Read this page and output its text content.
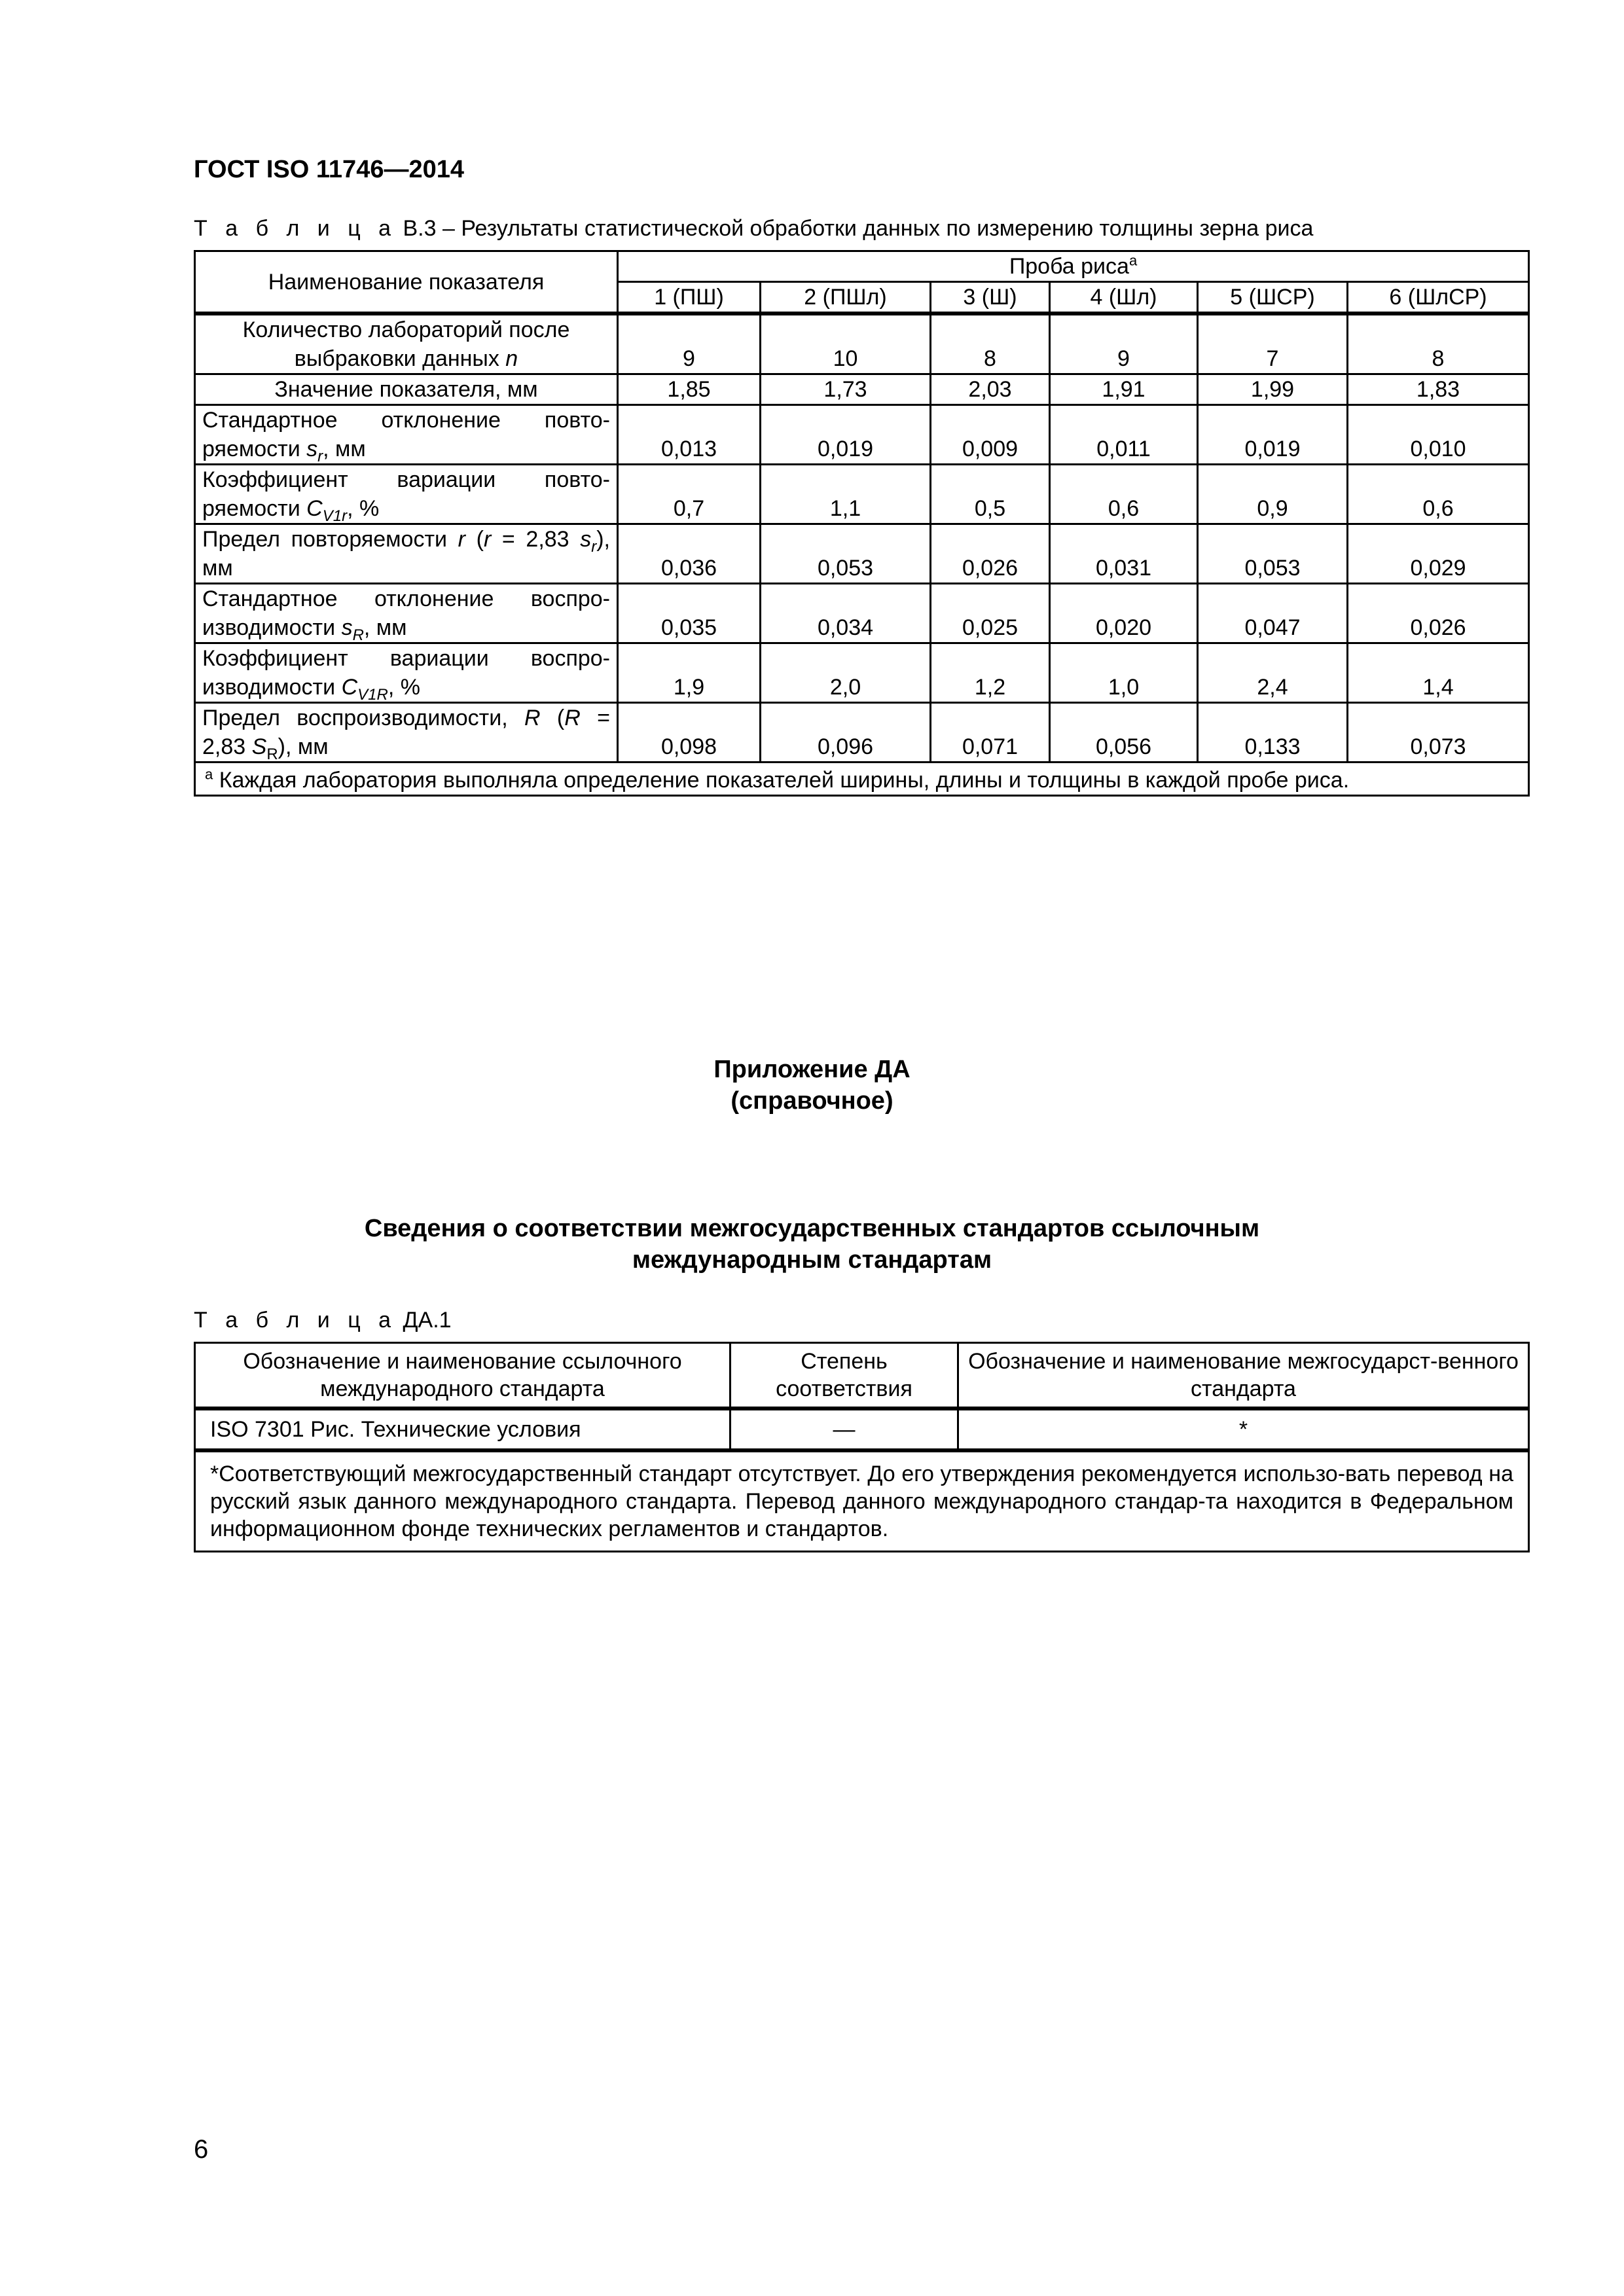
ГОСТ ISO 11746—2014
Т а б л и ц а В.3 – Результаты статистической обработки данных по измерению толщины зерна риса
Наименование показателя	Проба риса$^а$
	1 (ПШ)	2 (ПШл)	3 (Ш)	4 (Шл)	5 (ШСР)	6 (ШлСР)
Количество лабораторий после выбраковки данных n	9	10	8	9	7	8
Значение показателя, мм	1,85	1,73	2,03	1,91	1,99	1,83
Стандартное отклонение повто-ряемости $s_r$, мм	0,013	0,019	0,009	0,011	0,019	0,010
Коэффициент вариации повто-ряемости $C_{V1r}$, %	0,7	1,1	0,5	0,6	0,9	0,6
Предел повторяемости r (r = 2,83 $s_r$), мм	0,036	0,053	0,026	0,031	0,053	0,029
Стандартное отклонение воспро-изводимости $s_R$, мм	0,035	0,034	0,025	0,020	0,047	0,026
Коэффициент вариации воспро-изводимости $C_{V1R}$, %	1,9	2,0	1,2	1,0	2,4	1,4
Предел воспроизводимости, R (R = 2,83 $S_R$), мм	0,098	0,096	0,071	0,056	0,133	0,073
$^а$ Каждая лаборатория выполняла определение показателей ширины, длины и толщины в каждой пробе риса.						
Приложение ДА
(справочное)
Сведения о соответствии межгосударственных стандартов ссылочным
международным стандартам
Т а б л и ц а ДА.1
Обозначение и наименование ссылочного международного стандарта	Степень соответствия	Обозначение и наименование межгосударст-венного стандарта
ISO 7301 Рис. Технические условия	—	*
*Соответствующий межгосударственный стандарт отсутствует. До его утверждения рекомендуется использо-вать перевод на русский язык данного международного стандарта. Перевод данного международного стандар-та находится в Федеральном информационном фонде технических регламентов и стандартов.		
6
